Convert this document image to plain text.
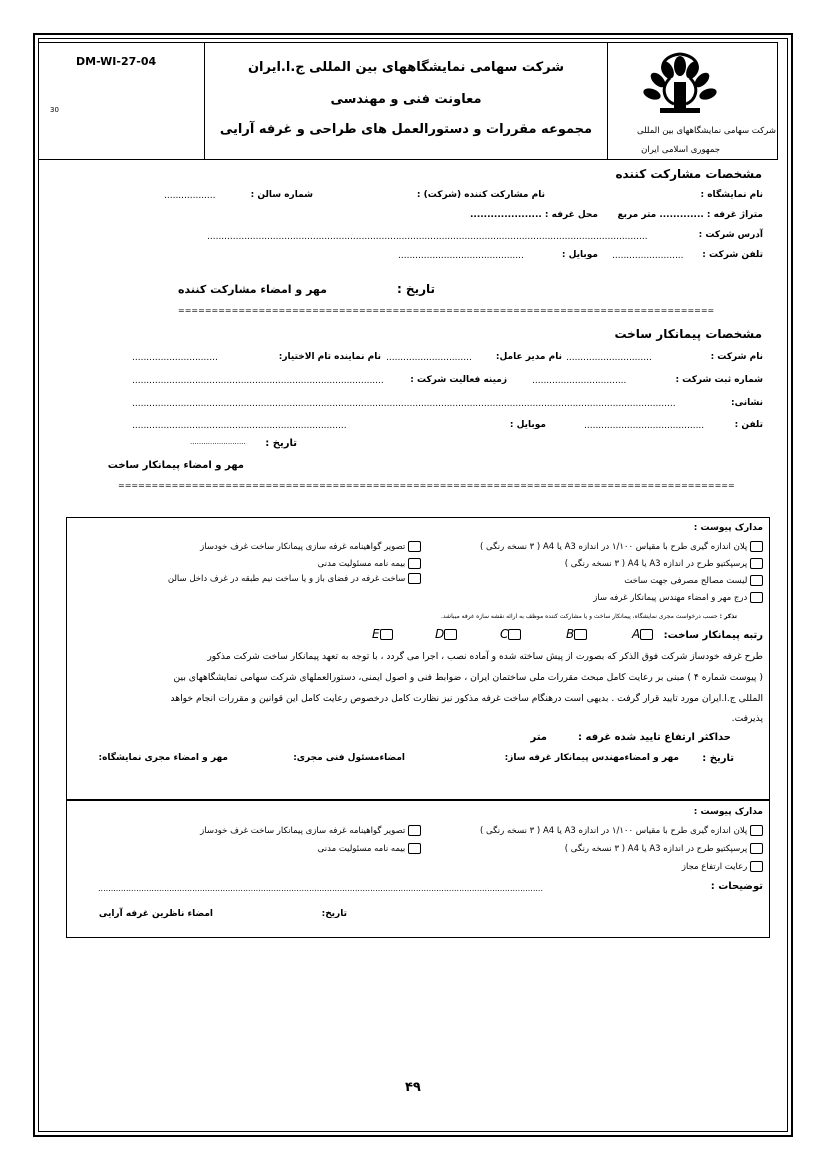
DM-WI-27-04
30
شرکت سهامی نمایشگاههای بین المللی ج.ا.ایران
معاونت فنی و مهندسی
مجموعه مقررات و دستورالعمل های طراحی و غرفه آرایی	شرکت سهامی نمایشگاههای بین المللی
جمهوری اسلامی ایران
مشخصات مشارکت کننده
نام نمایشگاه :
نام مشارکت کننده (شرکت) :
شماره سالن :
..................
متراژ غرفه : ............. متر مربع
محل غرفه : .....................
آدرس شرکت :
..........................................................................................................................................................
تلفن شرکت :
.........................
موبایل :
............................................
تاریخ :
مهر و امضاء مشارکت کننده
================================================================================
مشخصات پیمانکار ساخت
نام شرکت :
..............................
نام مدیر عامل:
..............................
نام نماینده تام الاختیار:
..............................
شماره ثبت شرکت :
.................................
زمینه فعالیت شرکت :
........................................................................................
نشانی:
..............................................................................................................................................................................................
تلفن :
..........................................
موبایل :
...........................................................................
تاریخ :
.........................
مهر و امضاء پیمانکار ساخت
============================================================================================
مدارک پیوست :
پلان اندازه گیری طرح با مقیاس ۱/۱۰۰ در اندازه A3 یا A4 ( ۳ نسخه رنگی )
پرسپکتیو طرح در اندازه A3 یا A4 ( ۳ نسخه رنگی )
لیست مصالح مصرفی جهت ساخت
درج مهر و امضاء مهندس پیمانکار غرفه ساز
تصویر گواهینامه غرفه سازی پیمانکار ساخت غرف خودساز
بیمه نامه مسئولیت مدنی
ساخت غرفه در فضای باز و یا ساخت نیم طبقه در غرف داخل سالن
تذکر : حسب درخواست مجری نمایشگاه، پیمانکار ساخت و یا مشارکت کننده موظف به ارائه نقشه سازه غرفه میباشد.
رتبه پیمانکار ساخت:
A
B
C
D
E
طرح غرفه خودساز شرکت فوق الذکر که بصورت از پیش ساخته شده و آماده نصب ، اجرا می گردد ، با توجه به تعهد پیمانکار ساخت شرکت مذکور
( پیوست شماره ۴ ) مبنی بر رعایت کامل مبحث مقررات ملی ساختمان ایران ، ضوابط فنی و اصول ایمنی، دستورالعملهای شرکت سهامی نمایشگاههای بین
المللی ج.ا.ایران مورد تایید قرار گرفت . بدیهی است درهنگام ساخت غرفه مذکور نیز نظارت کامل درخصوص رعایت کامل این قوانین و مقررات انجام خواهد
پذیرفت.
حداکثر ارتفاع تایید شده غرفه :
متر
تاریخ :
مهر و امضاءمهندس پیمانکار غرفه ساز:
امضاءمسئول فنی مجری:
مهر و امضاء مجری نمایشگاه:
مدارک پیوست :
پلان اندازه گیری طرح با مقیاس ۱/۱۰۰ در اندازه A3 یا A4 ( ۳ نسخه رنگی )
پرسپکتیو طرح در اندازه A3 یا A4 ( ۳ نسخه رنگی )
رعایت ارتفاع مجاز
تصویر گواهینامه غرفه سازی پیمانکار ساخت غرف خودساز
بیمه نامه مسئولیت مدنی
توضیحات :
...............................................................................................................................................................................
تاریخ:
امضاء ناظرین غرفه آرایی
۴۹
